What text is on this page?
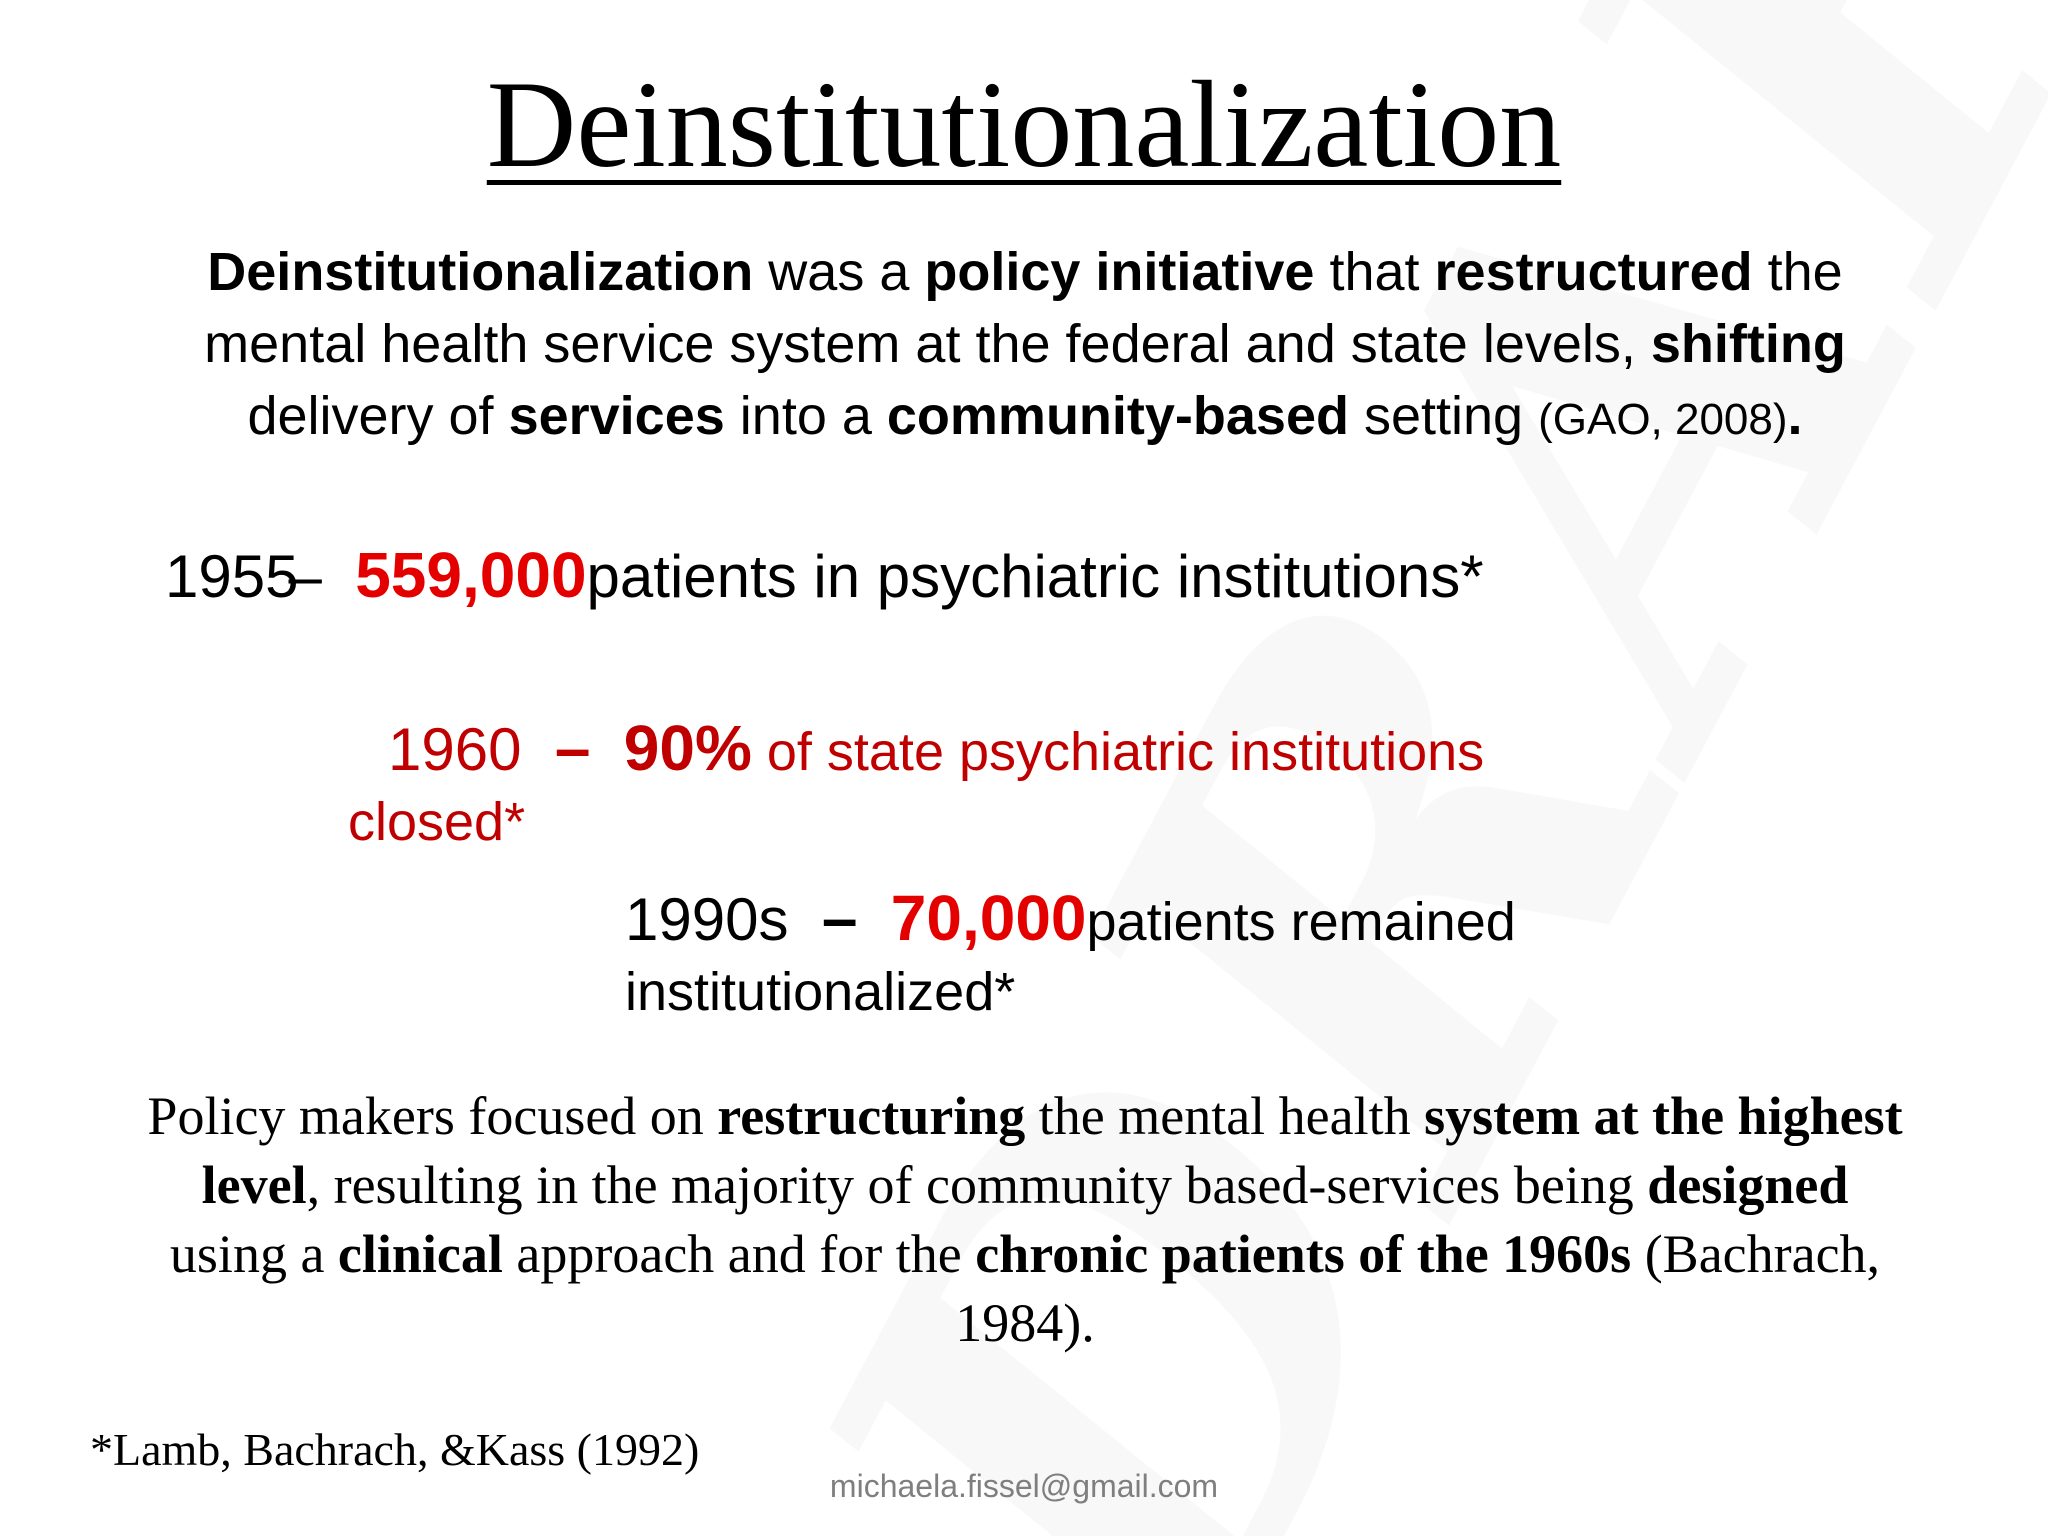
Deinstitutionalization
Deinstitutionalization was a policy initiative that restructured the mental health service system at the federal and state levels, shifting delivery of services into a community-based setting (GAO, 2008).
1955– 559,000patients in psychiatric institutions*
1960 – 90% of state psychiatric institutions
closed*
1990s – 70,000patients remained
institutionalized*
Policy makers focused on restructuring the mental health system at the highest level, resulting in the majority of community based-services being designed using a clinical approach and for the chronic patients of the 1960s (Bachrach, 1984).
*Lamb, Bachrach, &Kass (1992)
michaela.fissel@gmail.com
